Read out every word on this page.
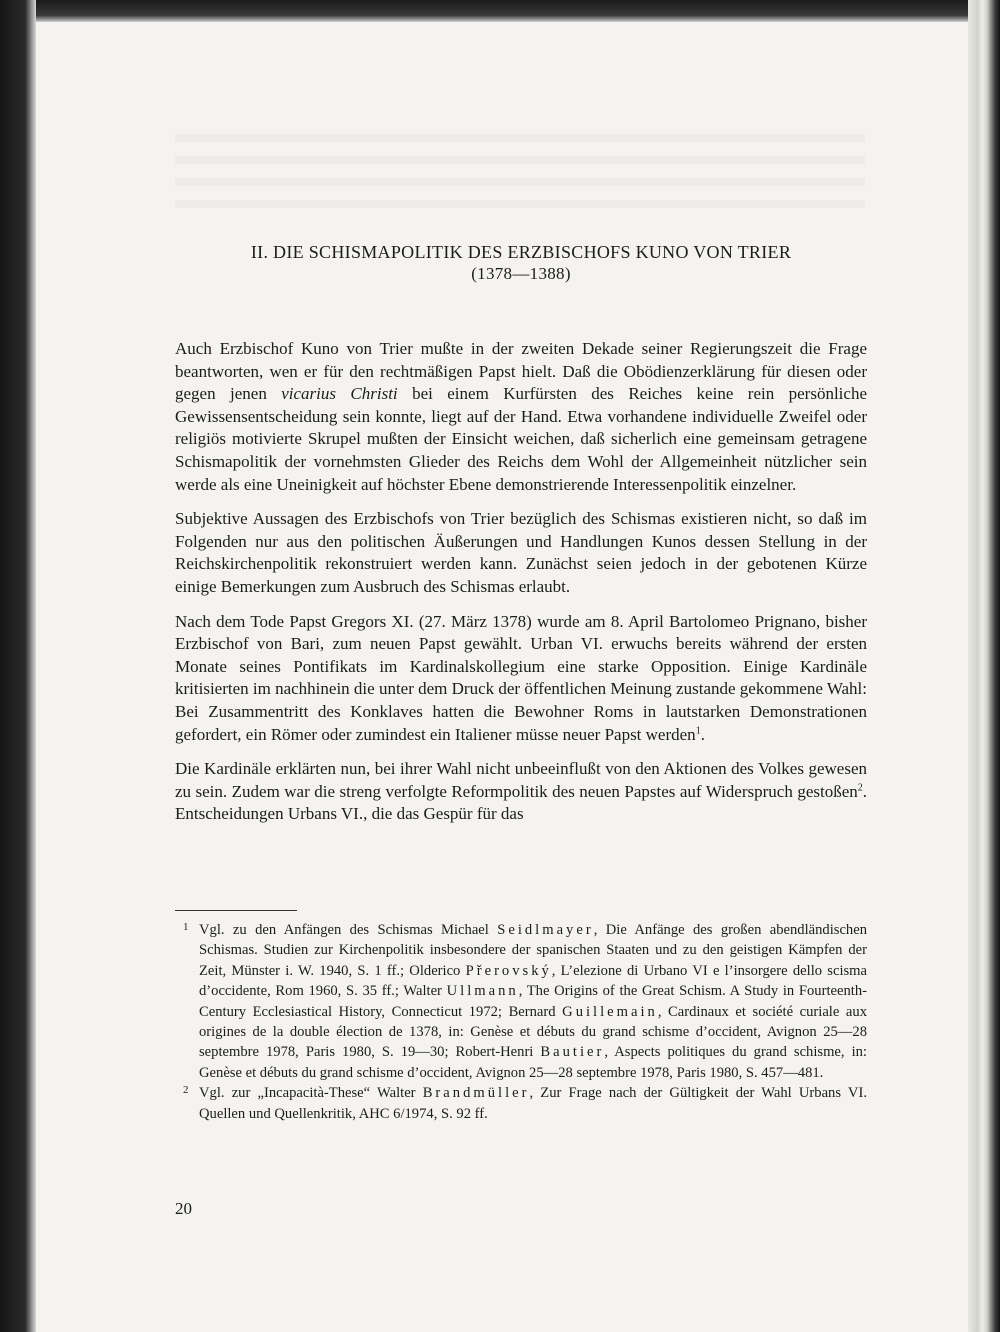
II. DIE SCHISMAPOLITIK DES ERZBISCHOFS KUNO VON TRIER
(1378—1388)

Auch Erzbischof Kuno von Trier mußte in der zweiten Dekade seiner Regierungszeit die Frage beantworten, wen er für den rechtmäßigen Papst hielt. Daß die Obödienzerklärung für diesen oder gegen jenen vicarius Christi bei einem Kurfürsten des Reiches keine rein persönliche Gewissensentscheidung sein konnte, liegt auf der Hand. Etwa vorhandene individuelle Zweifel oder religiös motivierte Skrupel mußten der Einsicht weichen, daß sicherlich eine gemeinsam getragene Schismapolitik der vornehmsten Glieder des Reichs dem Wohl der Allgemeinheit nützlicher sein werde als eine Uneinigkeit auf höchster Ebene demonstrierende Interessenpolitik einzelner.

Subjektive Aussagen des Erzbischofs von Trier bezüglich des Schismas existieren nicht, so daß im Folgenden nur aus den politischen Äußerungen und Handlungen Kunos dessen Stellung in der Reichskirchenpolitik rekonstruiert werden kann. Zunächst seien jedoch in der gebotenen Kürze einige Bemerkungen zum Ausbruch des Schismas erlaubt.

Nach dem Tode Papst Gregors XI. (27. März 1378) wurde am 8. April Bartolomeo Prignano, bisher Erzbischof von Bari, zum neuen Papst gewählt. Urban VI. erwuchs bereits während der ersten Monate seines Pontifikats im Kardinalskollegium eine starke Opposition. Einige Kardinäle kritisierten im nachhinein die unter dem Druck der öffentlichen Meinung zustande gekommene Wahl: Bei Zusammentritt des Konklaves hatten die Bewohner Roms in lautstarken Demonstrationen gefordert, ein Römer oder zumindest ein Italiener müsse neuer Papst werden$^1$.

Die Kardinäle erklärten nun, bei ihrer Wahl nicht unbeeinflußt von den Aktionen des Volkes gewesen zu sein. Zudem war die streng verfolgte Reformpolitik des neuen Papstes auf Widerspruch gestoßen$^2$. Entscheidungen Urbans VI., die das Gespür für das

1 Vgl. zu den Anfängen des Schismas Michael Seidlmayer, Die Anfänge des großen abendländischen Schismas. Studien zur Kirchenpolitik insbesondere der spanischen Staaten und zu den geistigen Kämpfen der Zeit, Münster i. W. 1940, S. 1 ff.; Olderico Přerovský, L’elezione di Urbano VI e l’insorgere dello scisma d’occidente, Rom 1960, S. 35 ff.; Walter Ullmann, The Origins of the Great Schism. A Study in Fourteenth-Century Ecclesiastical History, Connecticut 1972; Bernard Guillemain, Cardinaux et société curiale aux origines de la double élection de 1378, in: Genèse et débuts du grand schisme d’occident, Avignon 25—28 septembre 1978, Paris 1980, S. 19—30; Robert-Henri Bautier, Aspects politiques du grand schisme, in: Genèse et débuts du grand schisme d’occident, Avignon 25—28 septembre 1978, Paris 1980, S. 457—481.

2 Vgl. zur „Incapacità-These“ Walter Brandmüller, Zur Frage nach der Gültigkeit der Wahl Urbans VI. Quellen und Quellenkritik, AHC 6/1974, S. 92 ff.

20
